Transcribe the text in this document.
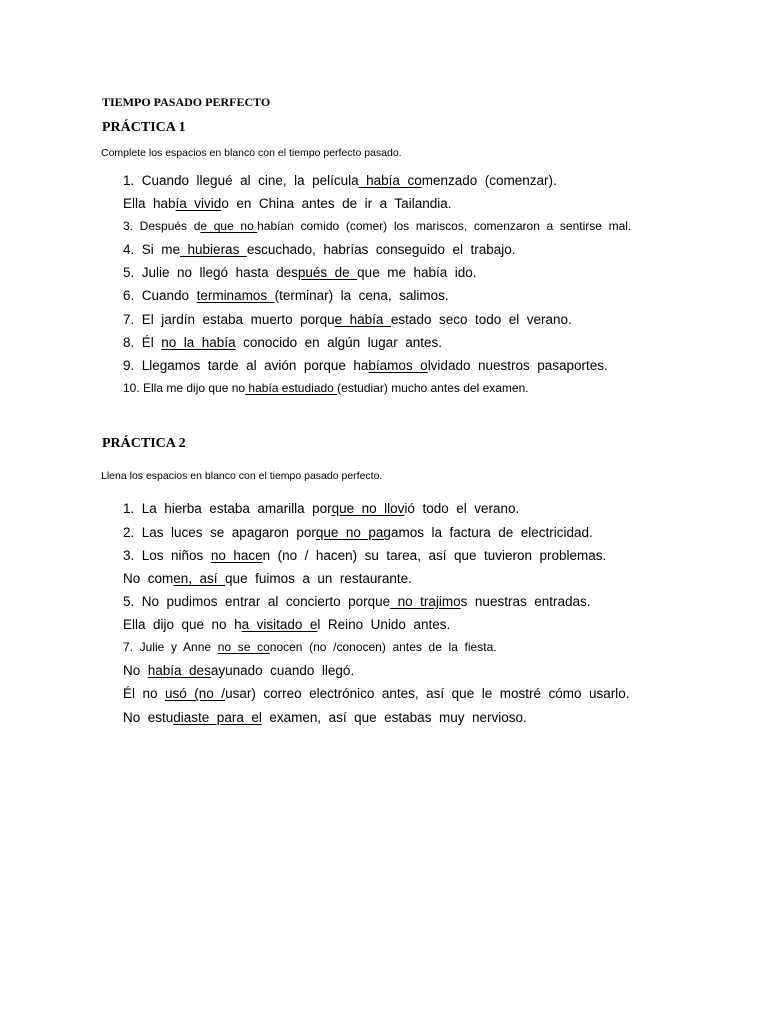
TIEMPO PASADO PERFECTO
PRÁCTICA 1

Complete los espacios en blanco con el tiempo perfecto pasado.

1.  Cuando  llegué  al  cine,  la  película  había  comenzado  (comenzar).

Ella  había  vivido  en  China  antes  de  ir  a  Tailandia.

3.  Después  de  que  no habían  comido  (comer)  los  mariscos,  comenzaron  a  sentirse  mal.

4.  Si  me  hubieras  escuchado,  habrías  conseguido  el  trabajo.

5.  Julie  no  llegó  hasta  después  de  que  me  había  ido.

6.  Cuando  terminamos  (terminar)  la  cena,  salimos.

7.  El  jardín  estaba  muerto  porque  había  estado  seco  todo  el  verano.

8.  Él  no  la  había  conocido  en  algún  lugar  antes.

9.  Llegamos  tarde  al  avión  porque  habíamos  olvidado  nuestros  pasaportes.

10. Ella me dijo que no había estudiado (estudiar) mucho antes del examen.

PRÁCTICA 2

Llena los espacios en blanco con el tiempo pasado perfecto.

1.  La  hierba  estaba  amarilla  porque  no  llovió  todo  el  verano.

2.  Las  luces  se  apagaron  porque  no  pagamos  la  factura  de  electricidad.

3.  Los  niños  no  hacen  (no  /  hacen)  su  tarea,  así  que  tuvieron  problemas.

No  comen,  así  que  fuimos  a  un  restaurante.

5.  No  pudimos  entrar  al  concierto  porque  no  trajimos  nuestras  entradas.

Ella  dijo  que  no  ha  visitado  el  Reino  Unido  antes.

7.  Julie  y  Anne  no  se  conocen  (no  /conocen)  antes  de  la  fiesta.

No  había  desayunado  cuando  llegó.

Él  no  usó  (no  /usar)  correo  electrónico  antes,  así  que  le  mostré  cómo  usarlo.

No  estudiaste  para  el  examen,  así  que  estabas  muy  nervioso.
